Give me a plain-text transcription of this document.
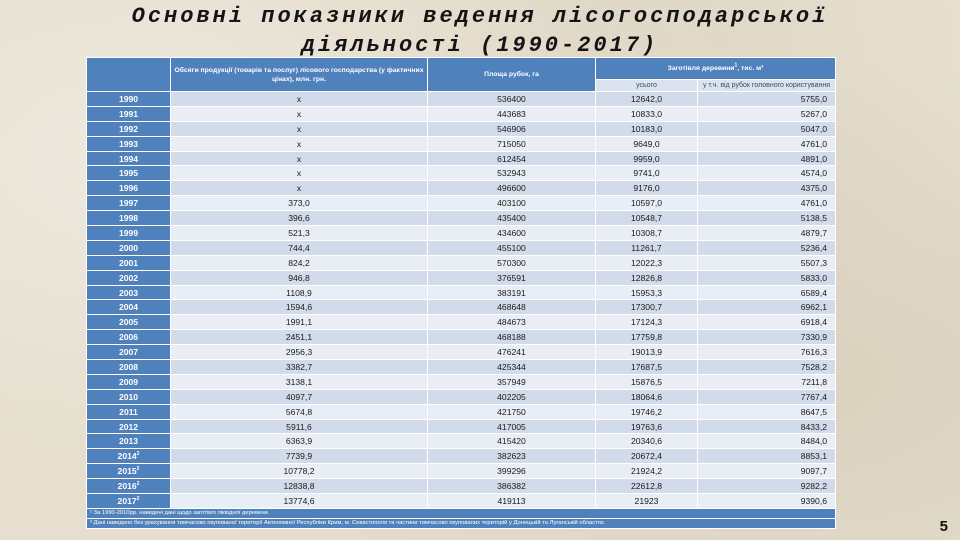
Основні показники ведення лісогосподарської
діяльності (1990-2017)
	Обсяги продукції (товарів та послуг) лісового господарства (у фактичних цінах), млн. грн.	Площа рубок, га	Заготівля деревини$^1$, тис. м³	
			усього	у т.ч. від рубок головного користування
1990	x	536400	12642,0	5755,0
1991	x	443683	10833,0	5267,0
1992	x	546906	10183,0	5047,0
1993	x	715050	9649,0	4761,0
1994	x	612454	9959,0	4891,0
1995	x	532943	9741,0	4574,0
1996	x	496600	9176,0	4375,0
1997	373,0	403100	10597,0	4761,0
1998	396,6	435400	10548,7	5138,5
1999	521,3	434600	10308,7	4879,7
2000	744,4	455100	11261,7	5236,4
2001	824,2	570300	12022,3	5507,3
2002	946,8	376591	12826,8	5833,0
2003	1108,9	383191	15953,3	6589,4
2004	1594,6	468648	17300,7	6962,1
2005	1991,1	484673	17124,3	6918,4
2006	2451,1	468188	17759,8	7330,9
2007	2956,3	476241	19013,9	7616,3
2008	3382,7	425344	17687,5	7528,2
2009	3138,1	357949	15876,5	7211,8
2010	4097,7	402205	18064,6	7767,4
2011	5674,8	421750	19746,2	8647,5
2012	5911,6	417005	19763,6	8433,2
2013	6363,9	415420	20340,6	8484,0
2014$^2$	7739,9	382623	20672,4	8853,1
2015$^2$	10778,2	399296	21924,2	9097,7
2016$^2$	12838,8	386382	22612,8	9282,2
2017$^2$	13774,6	419113	21923	9390,6
¹ За 1990-2010рр. наведені дані щодо заготівлі ліквідної деревини.				
² Дані наведено без урахування тимчасово окупованої території Автономної Республіки Крим, м. Севастополя та частини тимчасово окупованих територій у Донецькій та Луганській областях.					5
